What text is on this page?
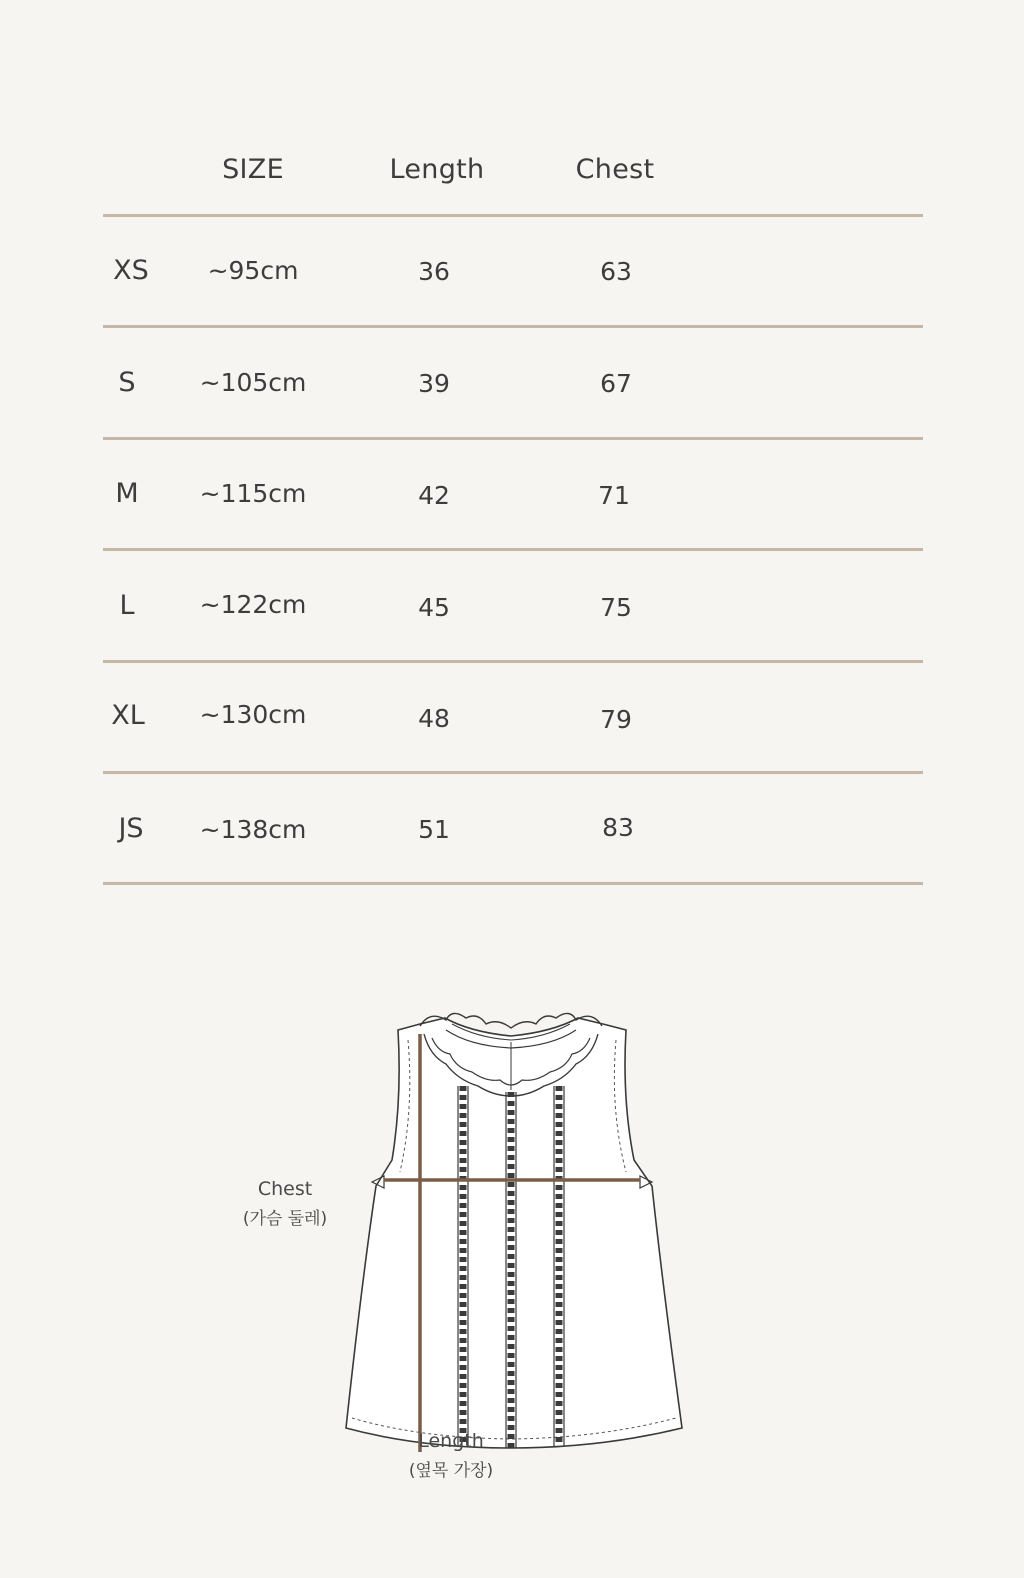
SIZE	Length	Chest
XS ~95cm	36	63
S	~105cm	39	67
M ~115cm	42	71
L	~122cm	45	75
XL ~130cm	48	79
JS ~138cm	51	83
Chest
(가슴 둘레)
Length
(옆목 가장)
